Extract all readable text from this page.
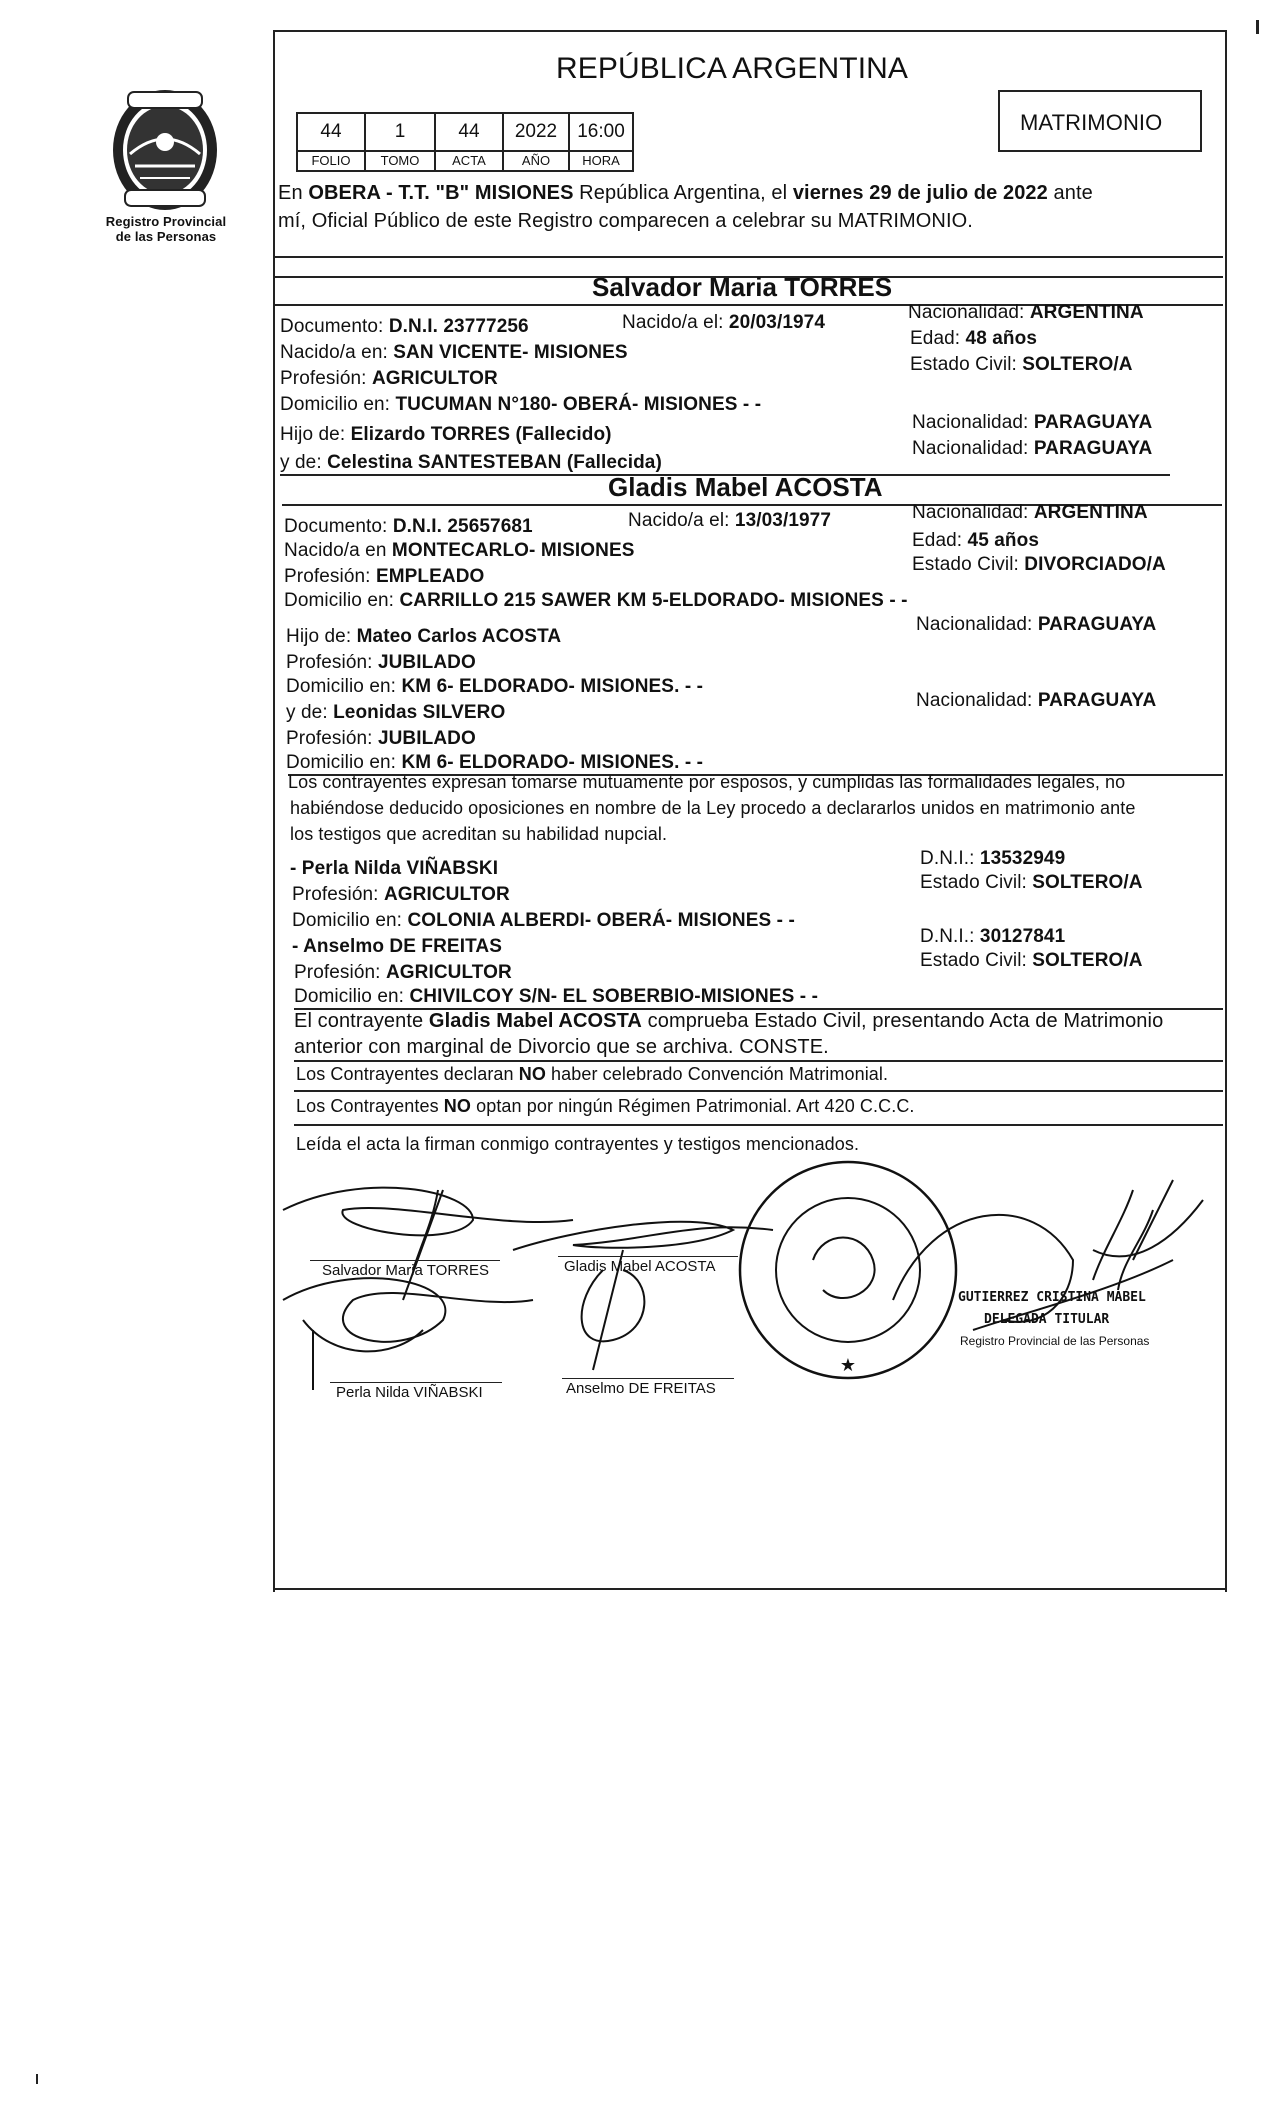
Registro Provincial
de las Personas
REPÚBLICA ARGENTINA
MATRIMONIO
44	1	44	2022	16:00
FOLIO	TOMO	ACTA	AÑO	HORA
En OBERA - T.T. "B" MISIONES República Argentina, el viernes 29 de julio de 2022 ante
mí, Oficial Público de este Registro comparecen a celebrar su MATRIMONIO.
Salvador Maria TORRES
Documento: D.N.I. 23777256	Nacido/a el: 20/03/1974	Nacionalidad: ARGENTINA
Nacido/a en: SAN VICENTE- MISIONES
Edad: 48 años
Profesión: AGRICULTOR
Estado Civil: SOLTERO/A
Domicilio en: TUCUMAN N°180- OBERÁ- MISIONES - -
Hijo de: Elizardo TORRES (Fallecido)
Nacionalidad: PARAGUAYA
y de: Celestina SANTESTEBAN (Fallecida)
Nacionalidad: PARAGUAYA
Gladis Mabel ACOSTA
Documento: D.N.I. 25657681	Nacido/a el: 13/03/1977	Nacionalidad: ARGENTINA
Nacido/a en MONTECARLO- MISIONES	Edad: 45 años
Profesión: EMPLEADO
Estado Civil: DIVORCIADO/A
Domicilio en: CARRILLO 215 SAWER KM 5-ELDORADO- MISIONES - -
Hijo de: Mateo Carlos ACOSTA
Nacionalidad: PARAGUAYA
Profesión: JUBILADO
Domicilio en: KM 6- ELDORADO- MISIONES. - -
y de: Leonidas SILVERO
Nacionalidad: PARAGUAYA
Profesión: JUBILADO
Domicilio en: KM 6- ELDORADO- MISIONES. - -
Los contrayentes expresan tomarse mutuamente por esposos, y cumplidas las formalidades legales, no
habiéndose deducido oposiciones en nombre de la Ley procedo a declararlos unidos en matrimonio ante
los testigos que acreditan su habilidad nupcial.
- Perla Nilda VIÑABSKI	D.N.I.: 13532949
Profesión: AGRICULTOR
Estado Civil: SOLTERO/A
Domicilio en: COLONIA ALBERDI- OBERÁ- MISIONES - -
- Anselmo DE FREITAS	D.N.I.: 30127841
Profesión: AGRICULTOR
Estado Civil: SOLTERO/A
Domicilio en: CHIVILCOY S/N- EL SOBERBIO-MISIONES - -
El contrayente Gladis Mabel ACOSTA comprueba Estado Civil, presentando Acta de Matrimonio
anterior con marginal de Divorcio que se archiva. CONSTE.
Los Contrayentes declaran NO haber celebrado Convención Matrimonial.
Los Contrayentes NO optan por ningún Régimen Patrimonial. Art 420 C.C.C.
Leída el acta la firman conmigo contrayentes y testigos mencionados.
★
Salvador Maria TORRES	Gladis Mabel ACOSTA
Perla Nilda VIÑABSKI	Anselmo DE FREITAS
GUTIERREZ CRISTINA MABEL
DELEGADA TITULAR
Registro Provincial de las Personas
